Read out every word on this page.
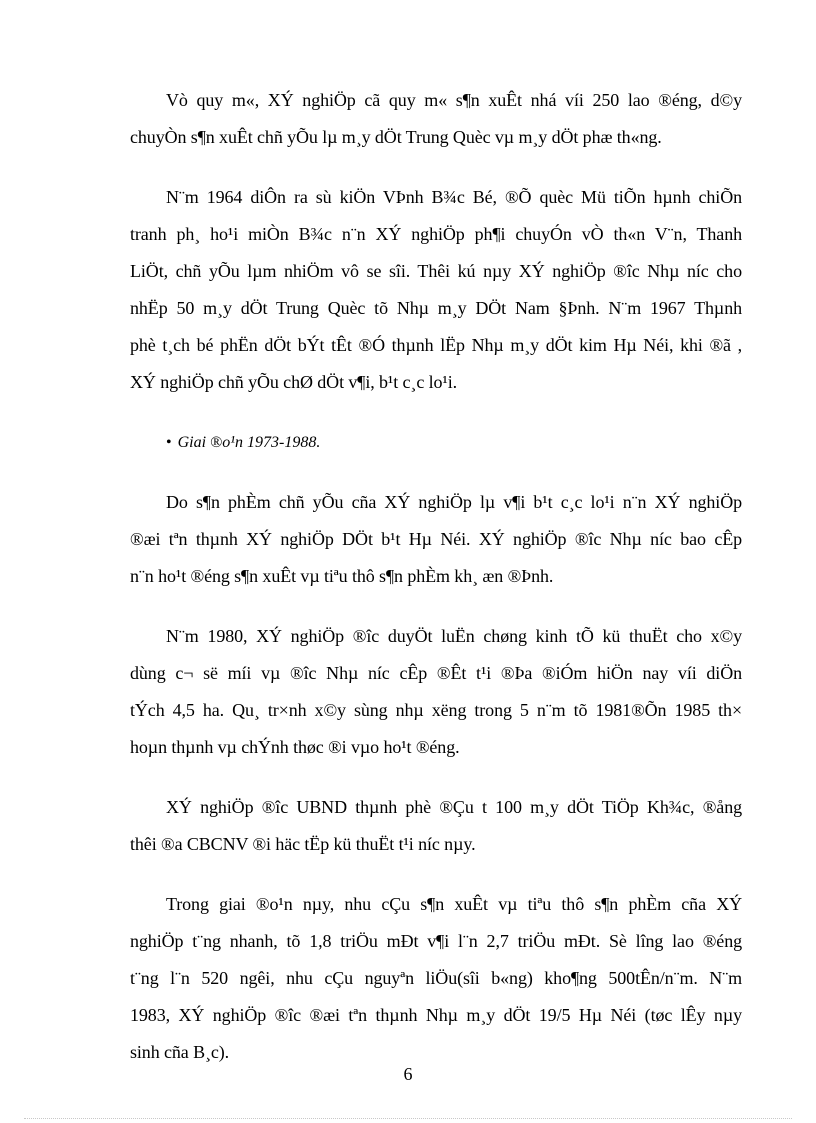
Vò quy m«, XÝ nghiÖp cã quy m« s¶n xuÊt nhá víi 250 lao ®éng, d©y
chuyÒn s¶n xuÊt chñ yÕu lµ m¸y dÖt Trung Quèc vµ m¸y dÖt phæ th«ng.

N¨m 1964 diÔn ra sù kiÖn VÞnh B¾c Bé, ®Õ quèc Mü tiÕn hµnh chiÕn
tranh ph¸ ho¹i miÒn B¾c n¨n XÝ nghiÖp ph¶i chuyÓn vÒ th«n V¨n, Thanh
LiÖt, chñ yÕu lµm nhiÖm vô se sîi. Thêi kú nµy XÝ nghiÖp ®îc Nhµ níc cho
nhËp 50 m¸y dÖt Trung Quèc tõ Nhµ m¸y DÖt Nam §Þnh. N¨m 1967 Thµnh
phè t¸ch bé phËn dÖt bÝt tÊt ®Ó thµnh lËp Nhµ m¸y dÖt kim Hµ Néi, khi ®ã ,
XÝ nghiÖp chñ yÕu chØ dÖt v¶i, b¹t c¸c lo¹i.

• Giai ®o¹n 1973-1988.

Do s¶n phÈm chñ yÕu cña XÝ nghiÖp lµ v¶i b¹t c¸c lo¹i n¨n XÝ nghiÖp
®æi tªn thµnh XÝ nghiÖp DÖt b¹t Hµ Néi. XÝ nghiÖp ®îc Nhµ níc bao cÊp
n¨n ho¹t ®éng s¶n xuÊt vµ tiªu thô s¶n phÈm kh¸ æn ®Þnh.

N¨m 1980, XÝ nghiÖp ®îc duyÖt luËn chøng kinh tÕ kü thuËt cho x©y
dùng c¬ së míi vµ ®îc Nhµ níc cÊp ®Êt t¹i ®Þa ®iÓm hiÖn nay víi diÖn
tÝch 4,5 ha. Qu¸ tr×nh x©y sùng nhµ xëng trong 5 n¨m tõ 1981®Õn 1985 th×
hoµn thµnh vµ chÝnh thøc ®i vµo ho¹t ®éng.

XÝ nghiÖp ®îc UBND thµnh phè ®Çu t 100 m¸y dÖt TiÖp Kh¾c, ®ång
thêi ®a CBCNV ®i häc tËp kü thuËt t¹i níc nµy.

Trong giai ®o¹n nµy, nhu cÇu s¶n xuÊt vµ tiªu thô s¶n phÈm cña XÝ
nghiÖp t¨ng nhanh, tõ 1,8 triÖu mÐt v¶i l¨n 2,7 triÖu mÐt. Sè lîng lao ®éng
t¨ng l¨n 520 ngêi, nhu cÇu nguyªn liÖu(sîi b«ng) kho¶ng 500tÊn/n¨m. N¨m
1983, XÝ nghiÖp ®îc ®æi tªn thµnh Nhµ m¸y dÖt 19/5 Hµ Néi (tøc lÊy nµy
sinh cña B¸c).

6
